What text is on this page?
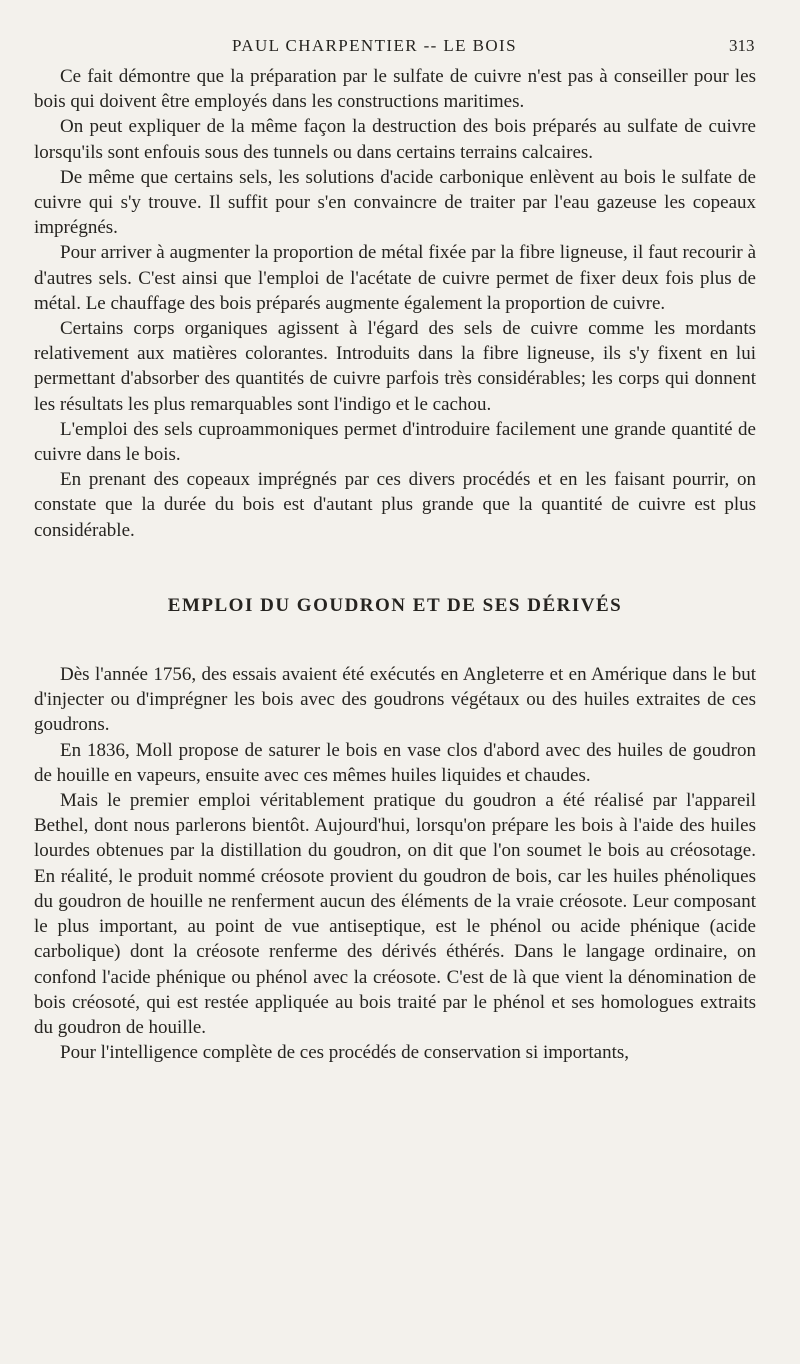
PAUL CHARPENTIER -- LE BOIS	313

Ce fait démontre que la préparation par le sulfate de cuivre n'est pas à conseiller pour les bois qui doivent être employés dans les constructions maritimes.

On peut expliquer de la même façon la destruction des bois préparés au sulfate de cuivre lorsqu'ils sont enfouis sous des tunnels ou dans certains terrains calcaires.

De même que certains sels, les solutions d'acide carbonique enlèvent au bois le sulfate de cuivre qui s'y trouve. Il suffit pour s'en convaincre de traiter par l'eau gazeuse les copeaux imprégnés.

Pour arriver à augmenter la proportion de métal fixée par la fibre ligneuse, il faut recourir à d'autres sels. C'est ainsi que l'emploi de l'acétate de cuivre permet de fixer deux fois plus de métal. Le chauffage des bois préparés augmente également la proportion de cuivre.

Certains corps organiques agissent à l'égard des sels de cuivre comme les mordants relativement aux matières colorantes. Introduits dans la fibre ligneuse, ils s'y fixent en lui permettant d'absorber des quantités de cuivre parfois très considérables; les corps qui donnent les résultats les plus remarquables sont l'indigo et le cachou.

L'emploi des sels cuproammoniques permet d'introduire facilement une grande quantité de cuivre dans le bois.

En prenant des copeaux imprégnés par ces divers procédés et en les faisant pourrir, on constate que la durée du bois est d'autant plus grande que la quantité de cuivre est plus considérable.

EMPLOI DU GOUDRON ET DE SES DÉRIVÉS

Dès l'année 1756, des essais avaient été exécutés en Angleterre et en Amérique dans le but d'injecter ou d'imprégner les bois avec des goudrons végétaux ou des huiles extraites de ces goudrons.

En 1836, Moll propose de saturer le bois en vase clos d'abord avec des huiles de goudron de houille en vapeurs, ensuite avec ces mêmes huiles liquides et chaudes.

Mais le premier emploi véritablement pratique du goudron a été réalisé par l'appareil Bethel, dont nous parlerons bientôt. Aujourd'hui, lorsqu'on prépare les bois à l'aide des huiles lourdes obtenues par la distillation du goudron, on dit que l'on soumet le bois au créosotage. En réalité, le produit nommé créosote provient du goudron de bois, car les huiles phénoliques du goudron de houille ne renferment aucun des éléments de la vraie créosote. Leur composant le plus important, au point de vue antiseptique, est le phénol ou acide phénique (acide carbolique) dont la créosote renferme des dérivés éthérés. Dans le langage ordinaire, on confond l'acide phénique ou phénol avec la créosote. C'est de là que vient la dénomination de bois créosoté, qui est restée appliquée au bois traité par le phénol et ses homologues extraits du goudron de houille.

Pour l'intelligence complète de ces procédés de conservation si importants,
